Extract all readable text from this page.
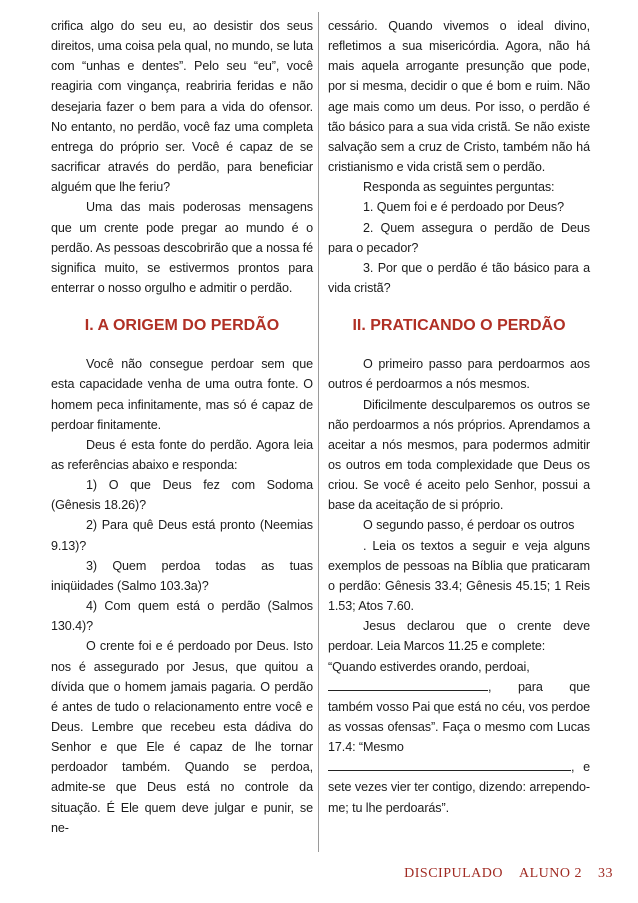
crifica algo do seu eu, ao desistir dos seus direitos, uma coisa pela qual, no mundo, se luta com “unhas e dentes”. Pelo seu “eu”, você reagiria com vingança, reabriria feridas e não desejaria fazer o bem para a vida do ofensor. No entanto, no perdão, você faz uma completa entrega do próprio ser. Você é capaz de se sacrificar através do perdão, para beneficiar alguém que lhe feriu?

Uma das mais poderosas mensagens que um crente pode pregar ao mundo é o perdão. As pessoas descobrirão que a nossa fé significa muito, se estivermos prontos para enterrar o nosso orgulho e admitir o perdão.

I. A ORIGEM DO PERDÃO

Você não consegue perdoar sem que esta capacidade venha de uma outra fonte. O homem peca infinitamente, mas só é capaz de perdoar finitamente.

Deus é esta fonte do perdão. Agora leia as referências abaixo e responda:

1) O que Deus fez com Sodoma (Gênesis 18.26)?

2) Para quê Deus está pronto (Neemias 9.13)?

3) Quem perdoa todas as tuas iniqüidades (Salmo 103.3a)?

4) Com quem está o perdão (Salmos 130.4)?

O crente foi e é perdoado por Deus. Isto nos é assegurado por Jesus, que quitou a dívida que o homem jamais pagaria. O perdão é antes de tudo o relacionamento entre você e Deus. Lembre que recebeu esta dádiva do Senhor e que Ele é capaz de lhe tornar perdoador também. Quando se perdoa, admite-se que Deus está no controle da situação. É Ele quem deve julgar e punir, se ne-

cessário. Quando vivemos o ideal divino, refletimos a sua misericórdia. Agora, não há mais aquela arrogante presunção que pode, por si mesma, decidir o que é bom e ruim. Não age mais como um deus. Por isso, o perdão é tão básico para a sua vida cristã. Se não existe salvação sem a cruz de Cristo, também não há cristianismo e vida cristã sem o perdão.

Responda as seguintes perguntas:

1. Quem foi e é perdoado por Deus?

2. Quem assegura o perdão de Deus para o pecador?

3. Por que o perdão é tão básico para a vida cristã?

II. PRATICANDO O PERDÃO

O primeiro passo para perdoarmos aos outros é perdoarmos a nós mesmos.

Dificilmente desculparemos os outros se não perdoarmos a nós próprios. Aprendamos a aceitar a nós mesmos, para podermos admitir os outros em toda complexidade que Deus os criou. Se você é aceito pelo Senhor, possui a base da aceitação de si próprio.

O segundo passo, é perdoar os outros

. Leia os textos a seguir e veja alguns exemplos de pessoas na Bíblia que praticaram o perdão: Gênesis 33.4; Gênesis 45.15; 1 Reis 1.53; Atos 7.60.

Jesus declarou que o crente deve perdoar. Leia Marcos 11.25 e complete:

“Quando estiverdes orando, perdoai,
, para que também vosso Pai que está no céu, vos perdoe as vossas ofensas”. Faça o mesmo com Lucas 17.4: “Mesmo
, e sete vezes vier ter contigo, dizendo: arrependo-me; tu lhe perdoarás”.

DISCIPULADO ALUNO 2 33
